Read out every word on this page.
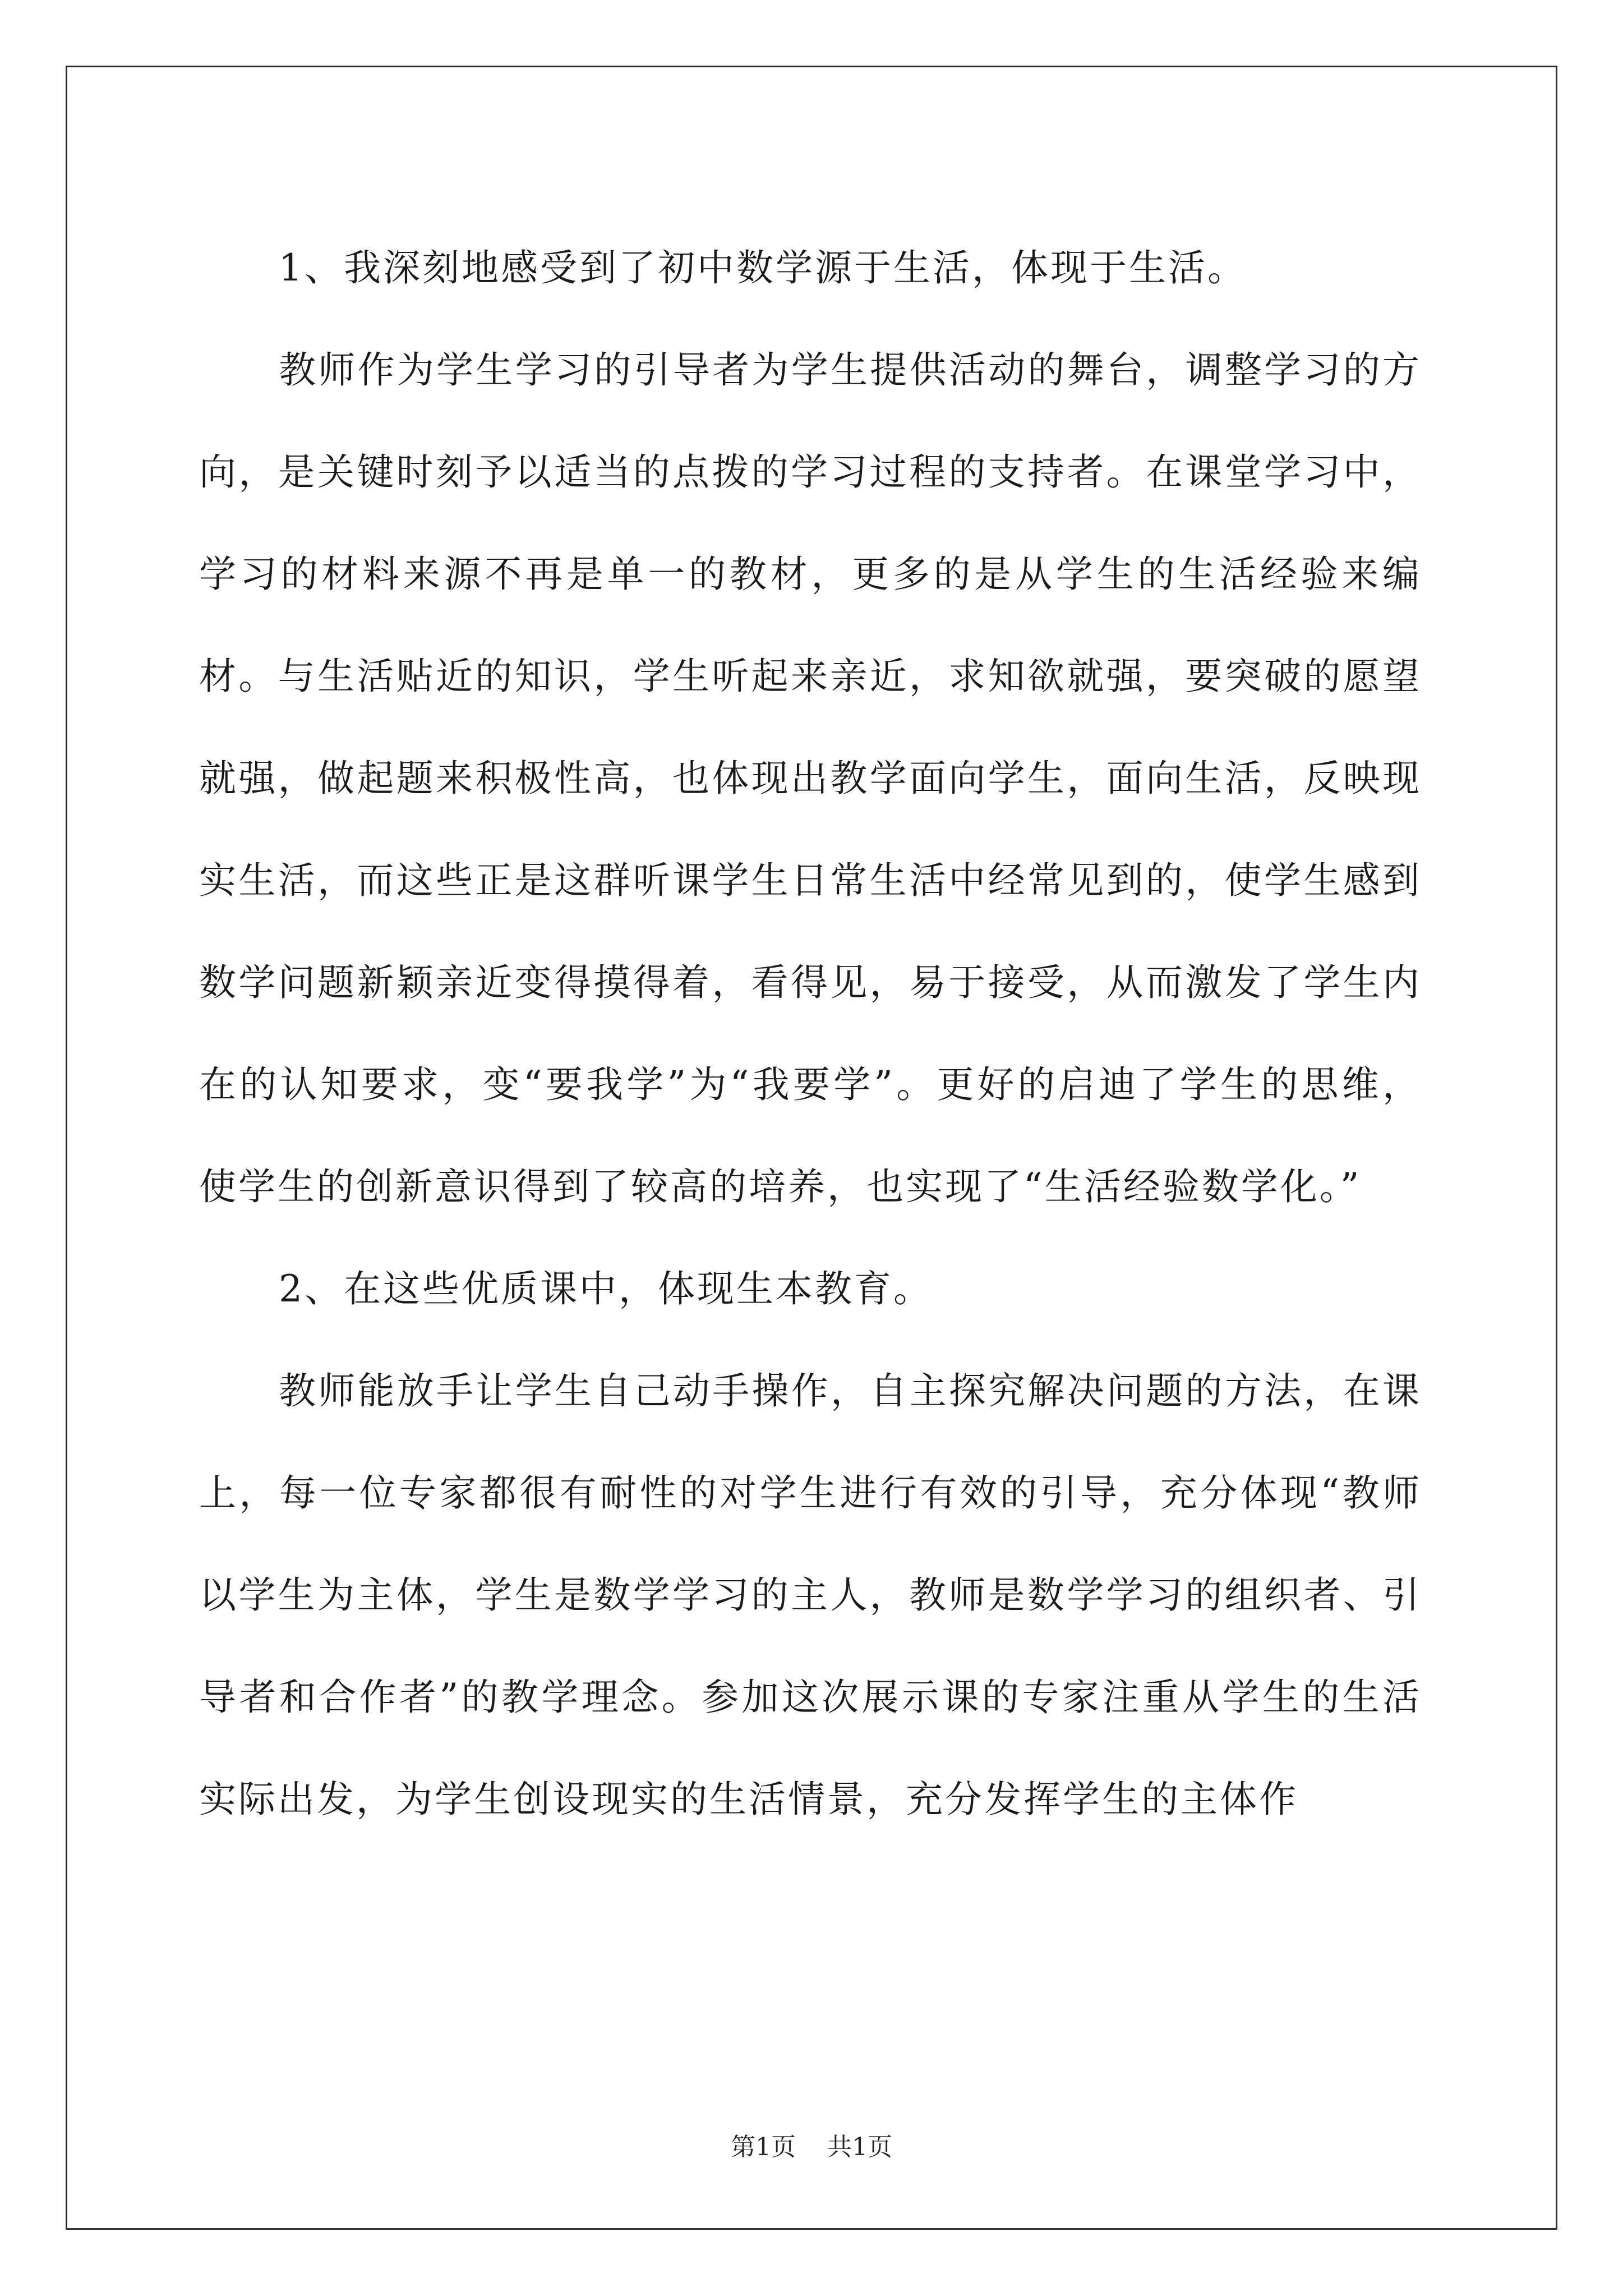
1、我深刻地感受到了初中数学源于生活，体现于生活。

教师作为学生学习的引导者为学生提供活动的舞台，调整学习的方向，是关键时刻予以适当的点拨的学习过程的支持者。在课堂学习中，学习的材料来源不再是单一的教材，更多的是从学生的生活经验来编材。与生活贴近的知识，学生听起来亲近，求知欲就强，要突破的愿望就强，做起题来积极性高，也体现出教学面向学生，面向生活，反映现实生活，而这些正是这群听课学生日常生活中经常见到的，使学生感到数学问题新颖亲近变得摸得着，看得见，易于接受，从而激发了学生内在的认知要求，变“要我学”为“我要学”。更好的启迪了学生的思维，使学生的创新意识得到了较高的培养，也实现了“生活经验数学化。”

2、在这些优质课中，体现生本教育。

教师能放手让学生自己动手操作，自主探究解决问题的方法，在课上，每一位专家都很有耐性的对学生进行有效的引导，充分体现“教师以学生为主体，学生是数学学习的主人，教师是数学学习的组织者、引导者和合作者”的教学理念。参加这次展示课的专家注重从学生的生活实际出发，为学生创设现实的生活情景，充分发挥学生的主体作

第1页 共1页
